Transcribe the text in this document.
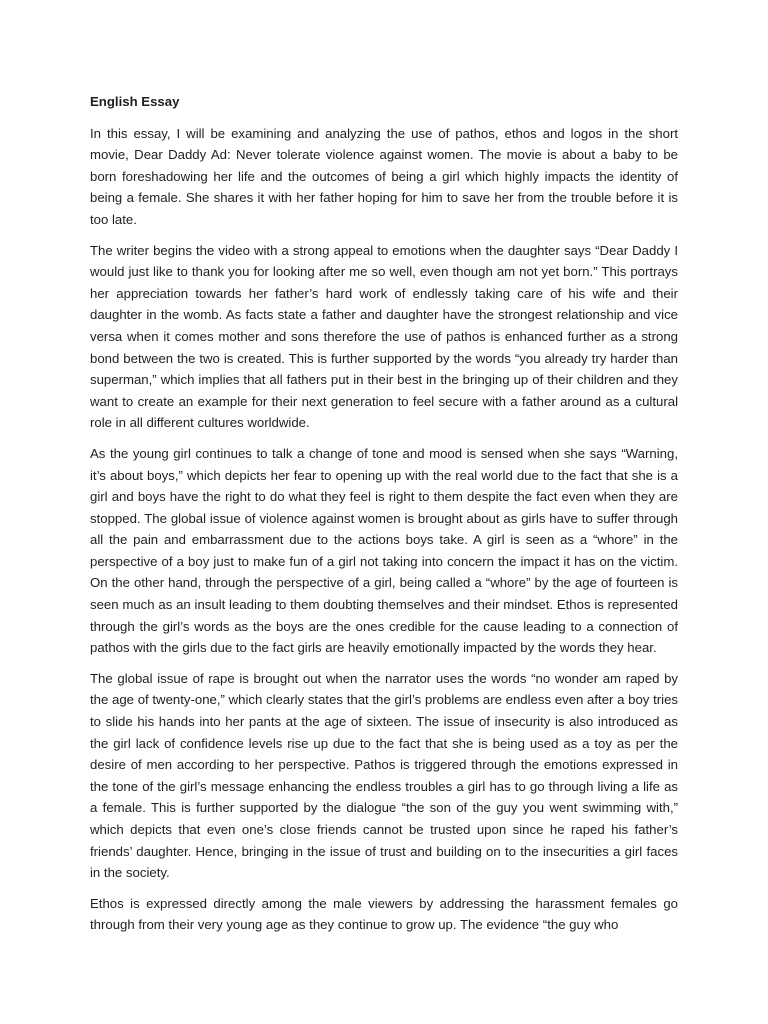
English Essay

In this essay, I will be examining and analyzing the use of pathos, ethos and logos in the short movie, Dear Daddy Ad: Never tolerate violence against women. The movie is about a baby to be born foreshadowing her life and the outcomes of being a girl which highly impacts the identity of being a female. She shares it with her father hoping for him to save her from the trouble before it is too late.

The writer begins the video with a strong appeal to emotions when the daughter says “Dear Daddy I would just like to thank you for looking after me so well, even though am not yet born.” This portrays her appreciation towards her father’s hard work of endlessly taking care of his wife and their daughter in the womb. As facts state a father and daughter have the strongest relationship and vice versa when it comes mother and sons therefore the use of pathos is enhanced further as a strong bond between the two is created. This is further supported by the words “you already try harder than superman,” which implies that all fathers put in their best in the bringing up of their children and they want to create an example for their next generation to feel secure with a father around as a cultural role in all different cultures worldwide.

As the young girl continues to talk a change of tone and mood is sensed when she says “Warning, it’s about boys,” which depicts her fear to opening up with the real world due to the fact that she is a girl and boys have the right to do what they feel is right to them despite the fact even when they are stopped. The global issue of violence against women is brought about as girls have to suffer through all the pain and embarrassment due to the actions boys take. A girl is seen as a “whore” in the perspective of a boy just to make fun of a girl not taking into concern the impact it has on the victim. On the other hand, through the perspective of a girl, being called a “whore” by the age of fourteen is seen much as an insult leading to them doubting themselves and their mindset. Ethos is represented through the girl’s words as the boys are the ones credible for the cause leading to a connection of pathos with the girls due to the fact girls are heavily emotionally impacted by the words they hear.

The global issue of rape is brought out when the narrator uses the words “no wonder am raped by the age of twenty-one,” which clearly states that the girl’s problems are endless even after a boy tries to slide his hands into her pants at the age of sixteen. The issue of insecurity is also introduced as the girl lack of confidence levels rise up due to the fact that she is being used as a toy as per the desire of men according to her perspective. Pathos is triggered through the emotions expressed in the tone of the girl’s message enhancing the endless troubles a girl has to go through living a life as a female. This is further supported by the dialogue “the son of the guy you went swimming with,” which depicts that even one’s close friends cannot be trusted upon since he raped his father’s friends’ daughter. Hence, bringing in the issue of trust and building on to the insecurities a girl faces in the society.

Ethos is expressed directly among the male viewers by addressing the harassment females go through from their very young age as they continue to grow up. The evidence “the guy who
